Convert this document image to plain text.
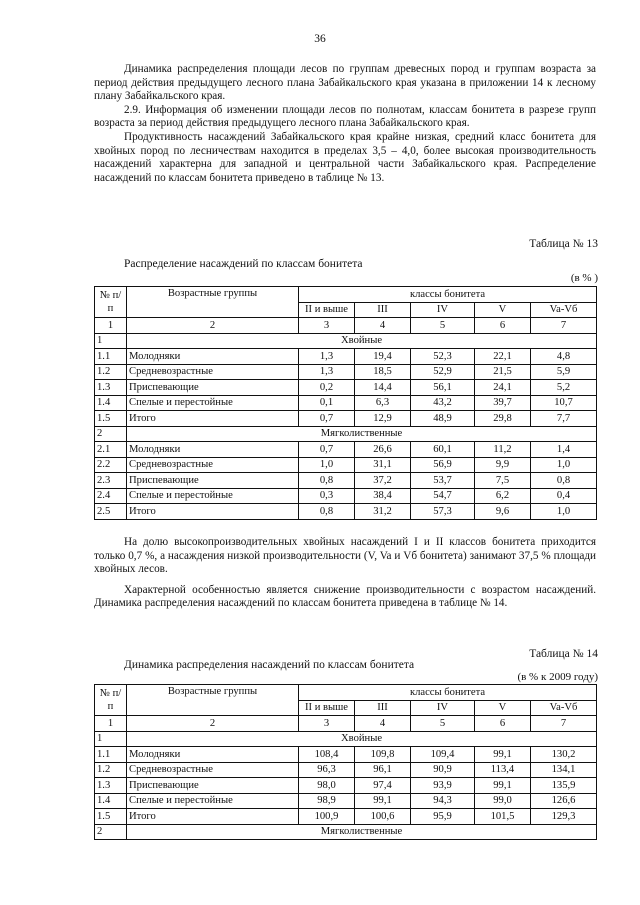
36

Динамика распределения площади лесов по группам древесных пород и группам возраста за период действия предыдущего лесного плана Забайкальского края указана в приложении 14 к лесному плану Забайкальского края.

2.9. Информация об изменении площади лесов по полнотам, классам бонитета в разрезе групп возраста за период действия предыдущего лесного плана Забайкальского края.

Продуктивность насаждений Забайкальского края крайне низкая, средний класс бонитета для хвойных пород по лесничествам находится в пределах 3,5 – 4,0, более высокая производительность насаждений характерна для западной и центральной части Забайкальского края. Распределение насаждений по классам бонитета приведено в таблице № 13.

Таблица № 13
Распределение насаждений по классам бонитета
(в % )
№ п/п	Возрастные группы	классы бонитета				
		II и выше	III	IV	V	Va-Vб
1	2	3	4	5	6	7
1	Хвойные					
1.1	Молодняки	1,3	19,4	52,3	22,1	4,8
1.2	Средневозрастные	1,3	18,5	52,9	21,5	5,9
1.3	Приспевающие	0,2	14,4	56,1	24,1	5,2
1.4	Спелые и перестойные	0,1	6,3	43,2	39,7	10,7
1.5	Итого	0,7	12,9	48,9	29,8	7,7
2	Мягколиственные					
2.1	Молодняки	0,7	26,6	60,1	11,2	1,4
2.2	Средневозрастные	1,0	31,1	56,9	9,9	1,0
2.3	Приспевающие	0,8	37,2	53,7	7,5	0,8
2.4	Спелые и перестойные	0,3	38,4	54,7	6,2	0,4
2.5	Итого	0,8	31,2	57,3	9,6	1,0

На долю высокопроизводительных хвойных насаждений I и II классов бонитета приходится только 0,7 %, а насаждения низкой производительности (V, Va и Vб бонитета) занимают 37,5 % площади хвойных лесов.

Характерной особенностью является снижение производительности с возрастом насаждений. Динамика распределения насаждений по классам бонитета приведена в таблице № 14.

Таблица № 14
Динамика распределения насаждений по классам бонитета
(в % к 2009 году)
№ п/п	Возрастные группы	классы бонитета				
		II и выше	III	IV	V	Va-Vб
1	2	3	4	5	6	7
1	Хвойные					
1.1	Молодняки	108,4	109,8	109,4	99,1	130,2
1.2	Средневозрастные	96,3	96,1	90,9	113,4	134,1
1.3	Приспевающие	98,0	97,4	93,9	99,1	135,9
1.4	Спелые и перестойные	98,9	99,1	94,3	99,0	126,6
1.5	Итого	100,9	100,6	95,9	101,5	129,3
2	Мягколиственные					
